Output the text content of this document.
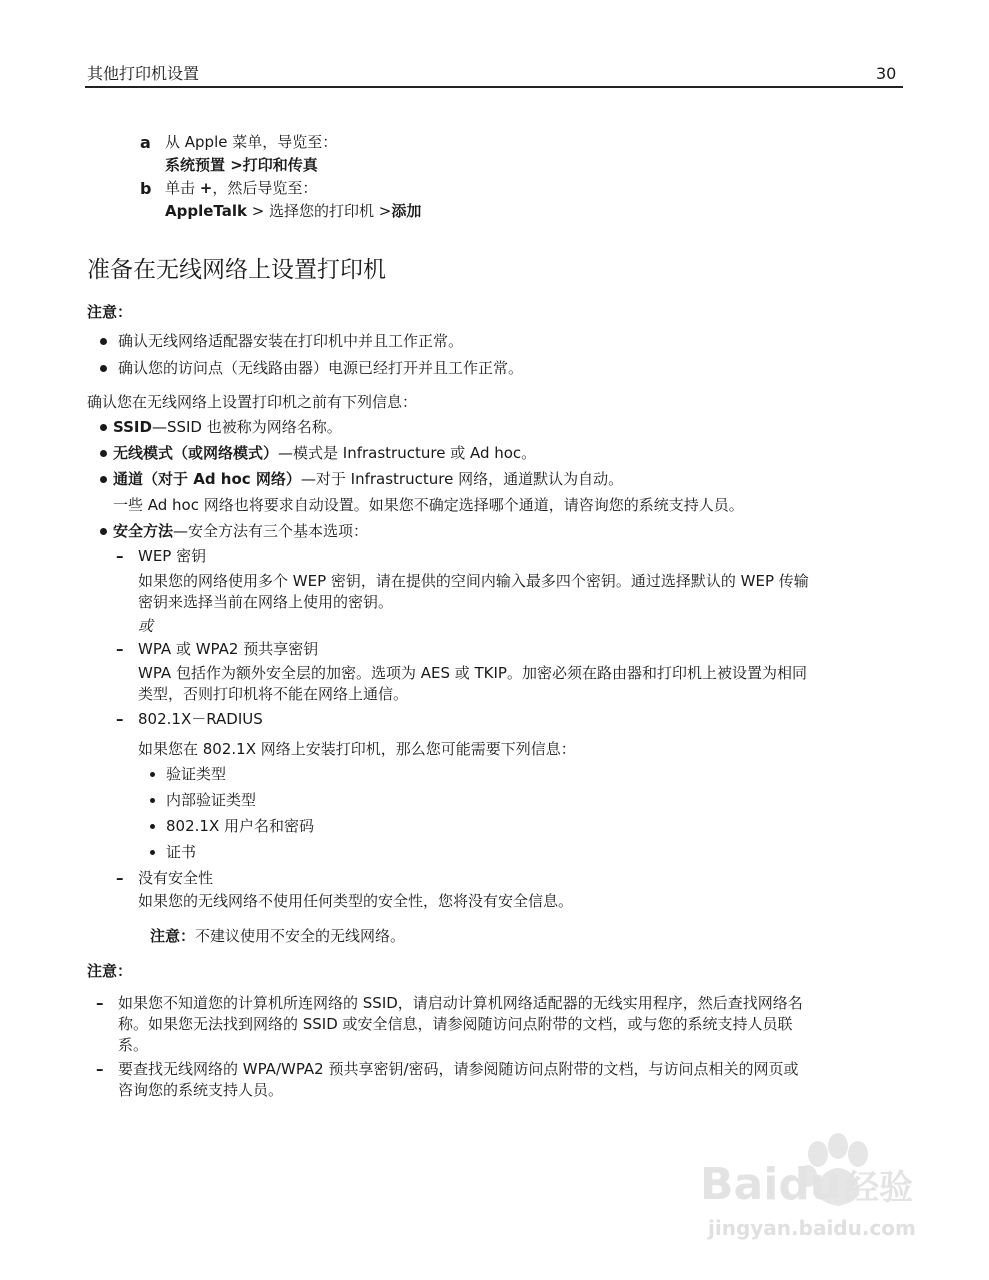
其他打印机设置	30
a 从 Apple 菜单，导览至：
系统预置 >打印和传真
b 单击 +，然后导览至：
AppleTalk > 选择您的打印机 >添加
准备在无线网络上设置打印机
注意：
确认无线网络适配器安装在打印机中并且工作正常。
确认您的访问点（无线路由器）电源已经打开并且工作正常。
确认您在无线网络上设置打印机之前有下列信息：
SSID—SSID 也被称为网络名称。
无线模式（或网络模式）—模式是 Infrastructure 或 Ad hoc。
通道（对于 Ad hoc 网络）—对于 Infrastructure 网络，通道默认为自动。
一些 Ad hoc 网络也将要求自动设置。如果您不确定选择哪个通道，请咨询您的系统支持人员。
安全方法—安全方法有三个基本选项：
– WEP 密钥
如果您的网络使用多个 WEP 密钥，请在提供的空间内输入最多四个密钥。通过选择默认的 WEP 传输
密钥来选择当前在网络上使用的密钥。
或
– WPA 或 WPA2 预共享密钥
WPA 包括作为额外安全层的加密。选项为 AES 或 TKIP。加密必须在路由器和打印机上被设置为相同
类型，否则打印机将不能在网络上通信。
– 802.1X－RADIUS
如果您在 802.1X 网络上安装打印机，那么您可能需要下列信息：
验证类型
内部验证类型
802.1X 用户名和密码
证书
– 没有安全性
如果您的无线网络不使用任何类型的安全性，您将没有安全信息。
注意：不建议使用不安全的无线网络。
注意：
– 如果您不知道您的计算机所连网络的 SSID，请启动计算机网络适配器的无线实用程序，然后查找网络名
称。如果您无法找到网络的 SSID 或安全信息，请参阅随访问点附带的文档，或与您的系统支持人员联
系。
– 要查找无线网络的 WPA/WPA2 预共享密钥/密码，请参阅随访问点附带的文档，与访问点相关的网页或
咨询您的系统支持人员。
Baidu 经验
jingyan.baidu.com
